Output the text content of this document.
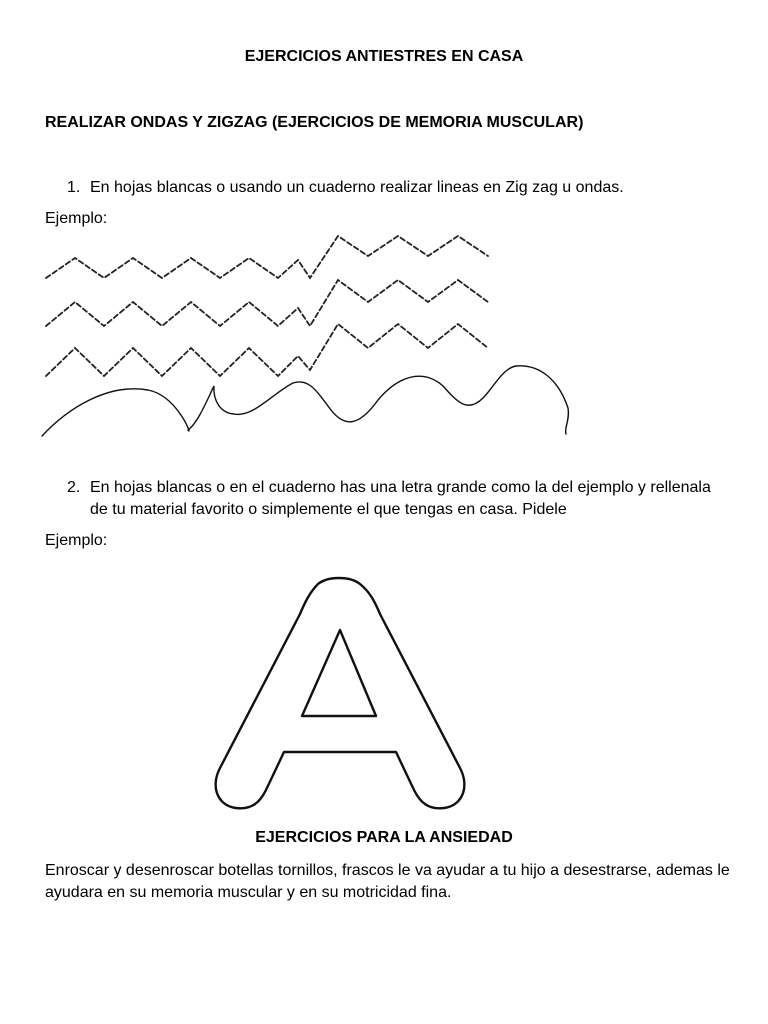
EJERCICIOS ANTIESTRES EN CASA
REALIZAR ONDAS Y ZIGZAG (EJERCICIOS DE MEMORIA MUSCULAR)
1. En hojas blancas o usando un cuaderno realizar lineas en Zig zag u ondas.
Ejemplo:
2. En hojas blancas o en el cuaderno has una letra grande como la del ejemplo y rellenala de tu material favorito o simplemente el que tengas en casa. Pidele
Ejemplo:
EJERCICIOS PARA LA ANSIEDAD
Enroscar y desenroscar botellas tornillos, frascos le va ayudar a tu hijo a desestrarse, ademas le ayudara en su memoria muscular y en su motricidad fina.
